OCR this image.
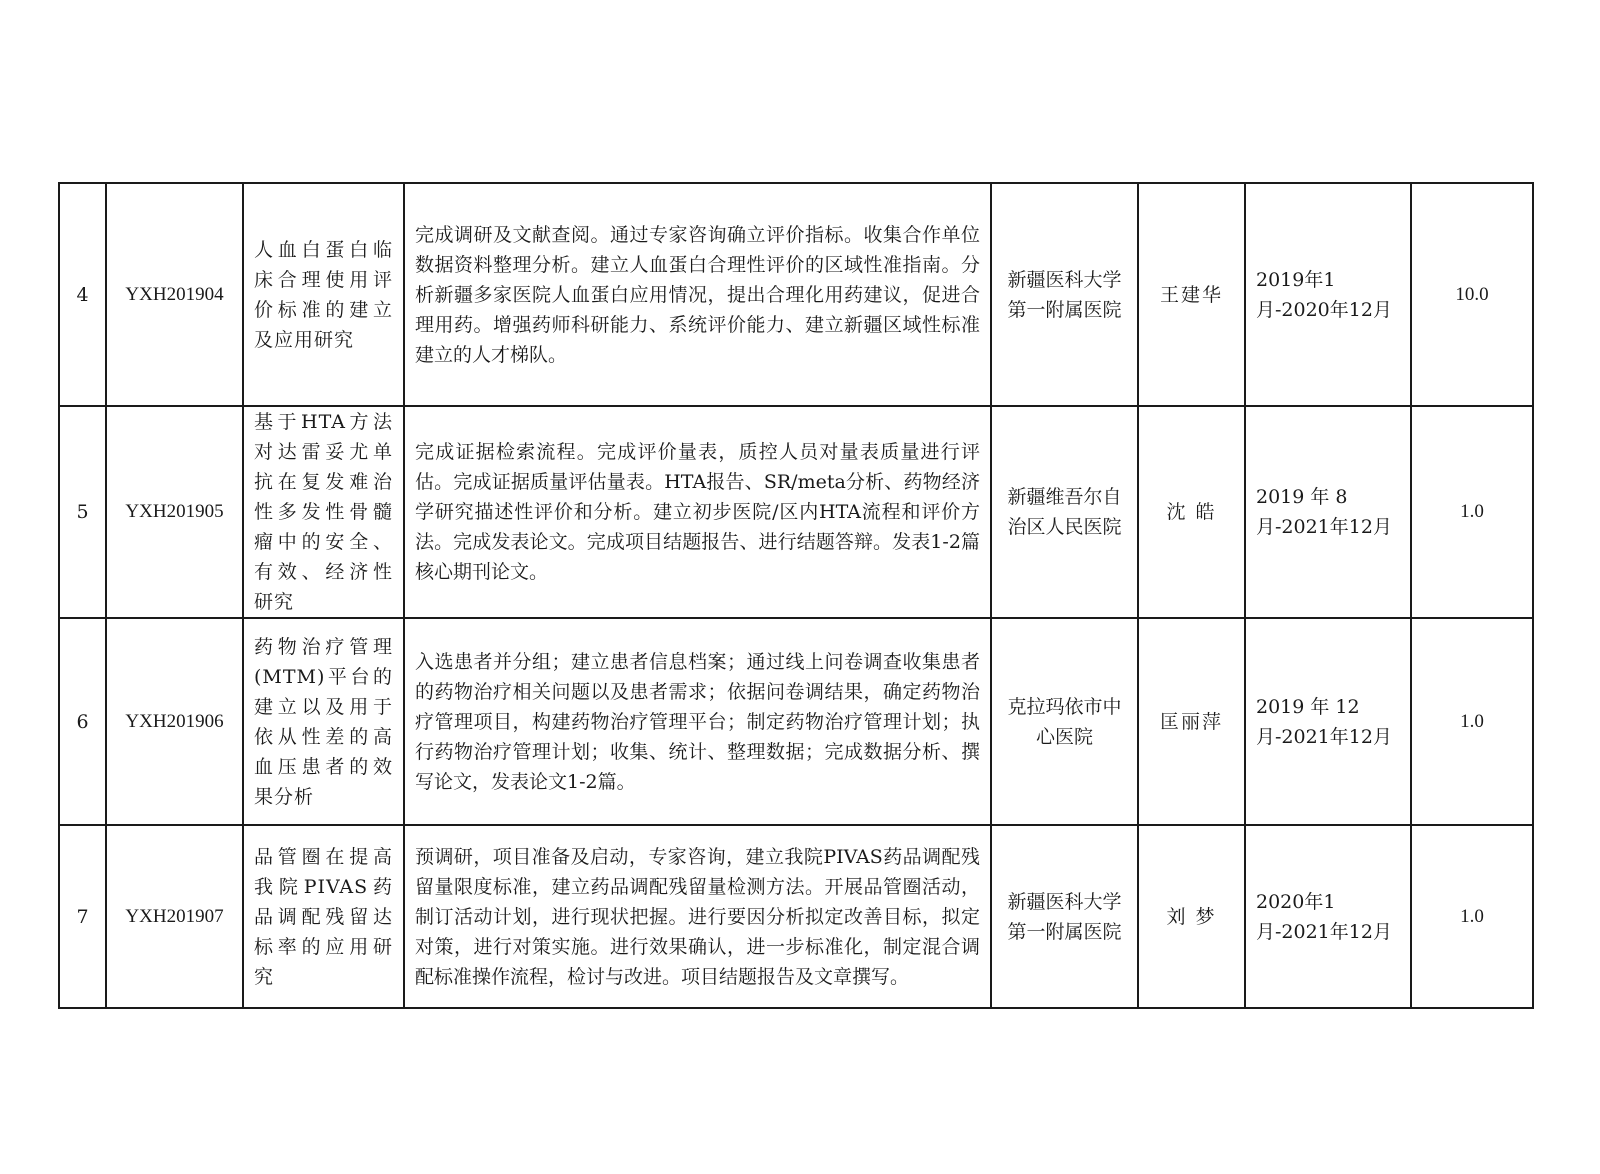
4	YXH201904	人血白蛋白临床合理使用评价标准的建立及应用研究	完成调研及文献查阅。通过专家咨询确立评价指标。收集合作单位数据资料整理分析。建立人血蛋白合理性评价的区域性准指南。分析新疆多家医院人血蛋白应用情况，提出合理化用药建议，促进合理用药。增强药师科研能力、系统评价能力、建立新疆区域性标准建立的人才梯队。	新疆医科大学第一附属医院	王建华	2019年1月-2020年12月	10.0
5	YXH201905	基于HTA方法对达雷妥尤单抗在复发难治性多发性骨髓瘤中的安全、有效、经济性研究	完成证据检索流程。完成评价量表，质控人员对量表质量进行评估。完成证据质量评估量表。HTA报告、SR/meta分析、药物经济学研究描述性评价和分析。建立初步医院/区内HTA流程和评价方法。完成发表论文。完成项目结题报告、进行结题答辩。发表1-2篇核心期刊论文。	新疆维吾尔自治区人民医院	沈 皓	2019 年 8 月-2021年12月	1.0
6	YXH201906	药物治疗管理(MTM)平台的建立以及用于依从性差的高血压患者的效果分析	入选患者并分组；建立患者信息档案；通过线上问卷调查收集患者的药物治疗相关问题以及患者需求；依据问卷调结果，确定药物治疗管理项目，构建药物治疗管理平台；制定药物治疗管理计划；执行药物治疗管理计划；收集、统计、整理数据；完成数据分析、撰写论文，发表论文1-2篇。	克拉玛依市中心医院	匡丽萍	2019 年 12 月-2021年12月	1.0
7	YXH201907	品管圈在提高我院PIVAS药品调配残留达标率的应用研究	预调研，项目准备及启动，专家咨询，建立我院PIVAS药品调配残留量限度标准，建立药品调配残留量检测方法。开展品管圈活动，制订活动计划，进行现状把握。进行要因分析拟定改善目标，拟定对策，进行对策实施。进行效果确认，进一步标准化，制定混合调配标准操作流程，检讨与改进。项目结题报告及文章撰写。	新疆医科大学第一附属医院	刘 梦	2020年1月-2021年12月	1.0
